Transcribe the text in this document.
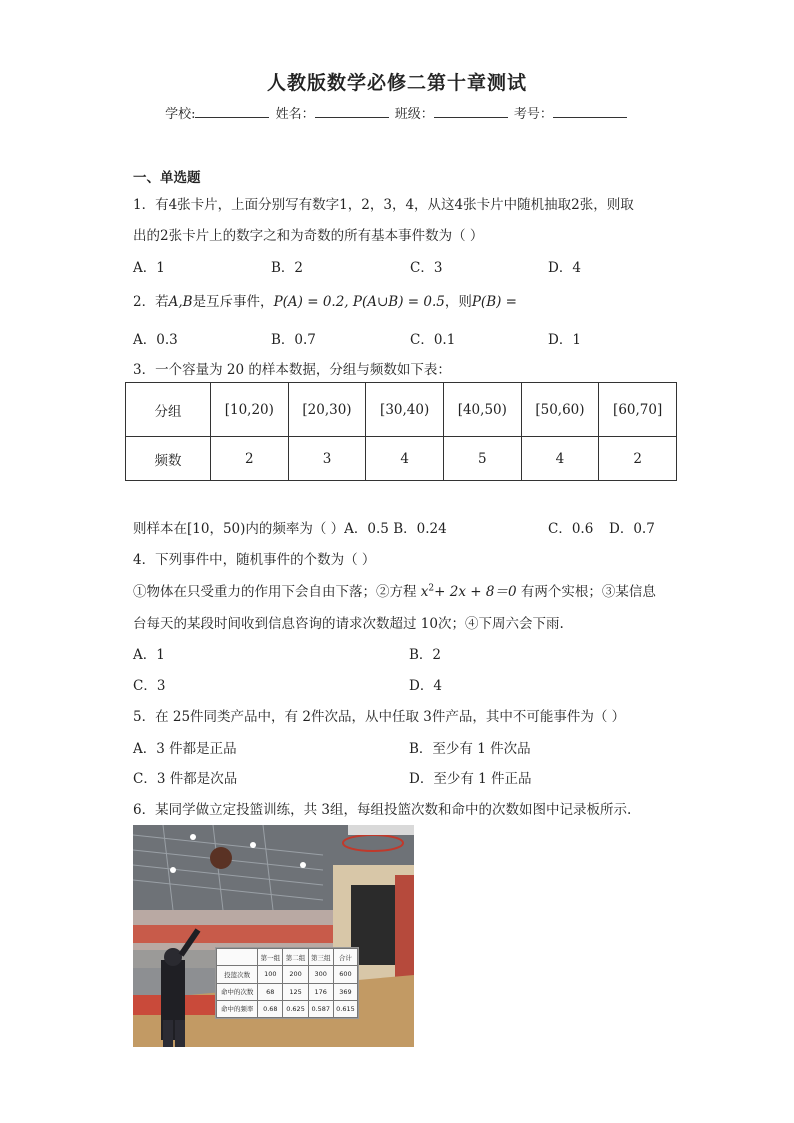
人教版数学必修二第十章测试
学校:	姓名：	班级：	考号：
一、单选题
1．有4张卡片，上面分别写有数字1，2，3，4，从这4张卡片中随机抽取2张，则取
出的2张卡片上的数字之和为奇数的所有基本事件数为（ ）
A．1	B．2	C．3	D．4
2．若A,B是互斥事件，P(A) = 0.2, P(A∪B) = 0.5，则P(B) =
A．0.3	B．0.7	C．0.1	D．1
3．一个容量为 20 的样本数据，分组与频数如下表：
分组	[10,20)	[20,30)	[30,40)	[40,50)	[50,60)	[60,70]
频数	2	3	4	5	4	2
则样本在[10，50)内的频率为（ ）A．0.5 B．0.24	C．0.6 D．0.7
4．下列事件中，随机事件的个数为（ ）
①物体在只受重力的作用下会自由下落；②方程 $x^2+ 2x + 8=0$ 有两个实根；③某信息
台每天的某段时间收到信息咨询的请求次数超过 10次；④下周六会下雨.
A．1	B．2
C．3	D．4
5．在 25件同类产品中，有 2件次品，从中任取 3件产品，其中不可能事件为（ ）
A．3 件都是正品	B．至少有 1 件次品
C．3 件都是次品	D．至少有 1 件正品
6．某同学做立定投篮训练，共 3组，每组投篮次数和命中的次数如图中记录板所示.
	第一组	第二组	第三组	合计
投篮次数	100	200	300	600
命中的次数	68	125	176	369
命中的频率	0.68	0.625	0.587	0.615
